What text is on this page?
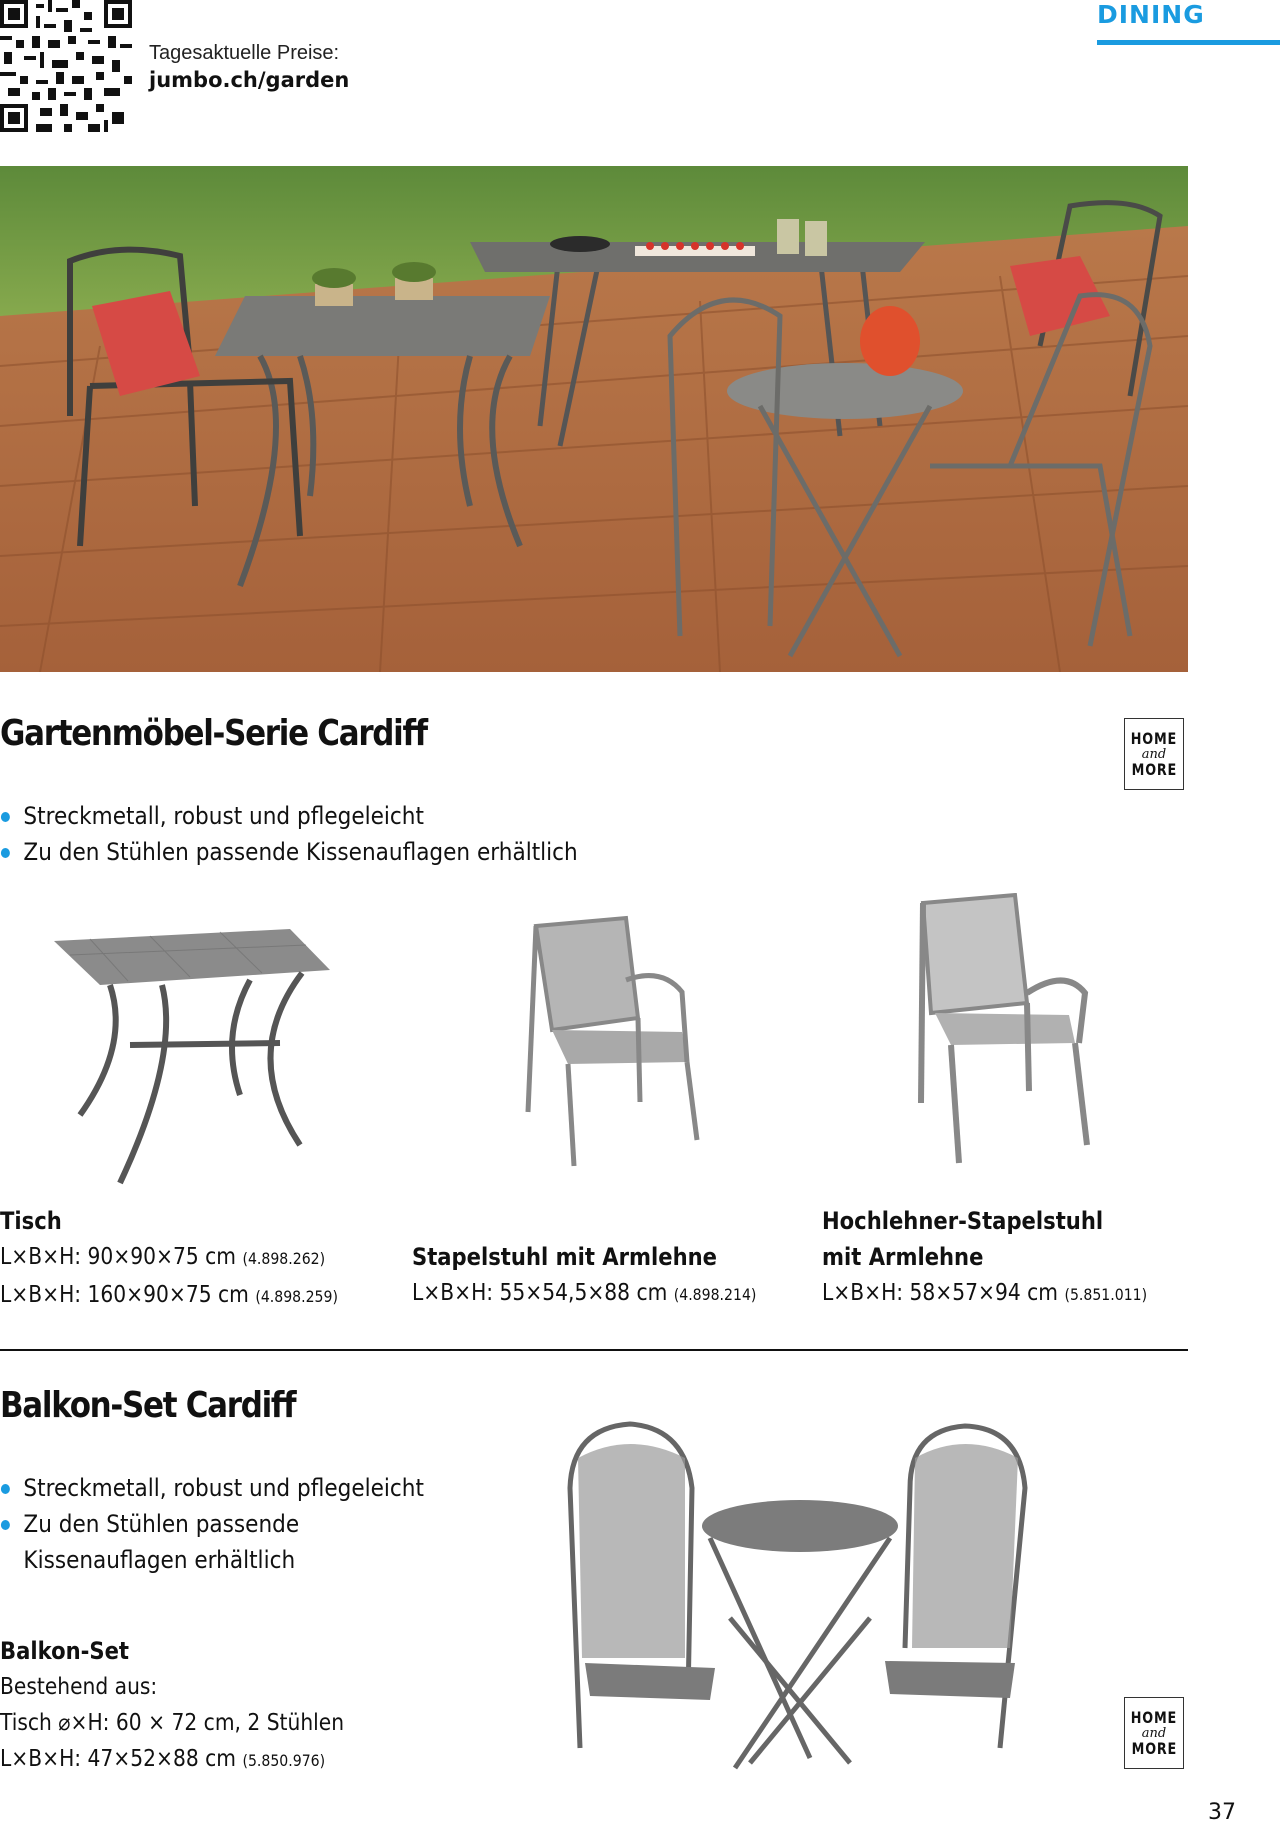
Tagesaktuelle Preise:
jumbo.ch/garden
DINING
Gartenmöbel-Serie Cardiff
Streckmetall, robust und pflegeleicht
Zu den Stühlen passende Kissenauflagen erhältlich
HOME
and
MORE
Tisch
L×B×H: 90×90×75 cm (4.898.262)
L×B×H: 160×90×75 cm (4.898.259)
Stapelstuhl mit Armlehne
L×B×H: 55×54,5×88 cm (4.898.214)
Hochlehner-Stapelstuhl
mit Armlehne
L×B×H: 58×57×94 cm (5.851.011)
Balkon-Set Cardiff
Streckmetall, robust und pflegeleicht
Zu den Stühlen passende
Kissenauflagen erhältlich
Balkon-Set
Bestehend aus:
Tisch ⌀×H: 60 × 72 cm, 2 Stühlen
L×B×H: 47×52×88 cm (5.850.976)
HOME
and
MORE
37
